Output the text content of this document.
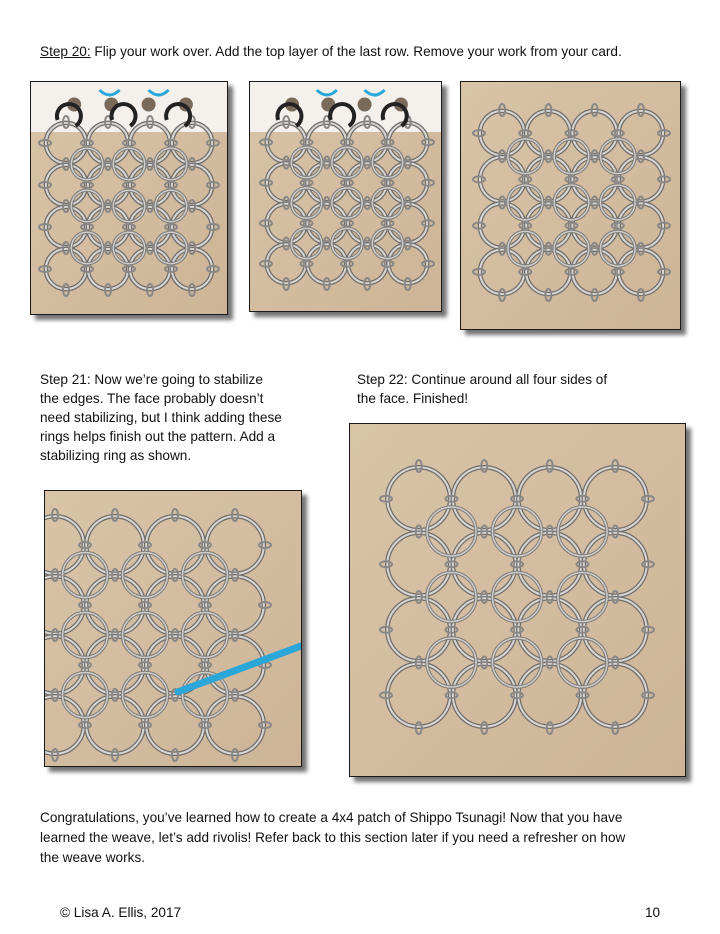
Step 20: Flip your work over. Add the top layer of the last row. Remove your work from your card.
Step 21: Now we’re going to stabilize
the edges. The face probably doesn’t
need stabilizing, but I think adding these
rings helps finish out the pattern. Add a
stabilizing ring as shown.
Step 22: Continue around all four sides of
the face. Finished!
Congratulations, you’ve learned how to create a 4x4 patch of Shippo Tsunagi! Now that you have
learned the weave, let’s add rivolis! Refer back to this section later if you need a refresher on how
the weave works.
© Lisa A. Ellis, 2017	10
